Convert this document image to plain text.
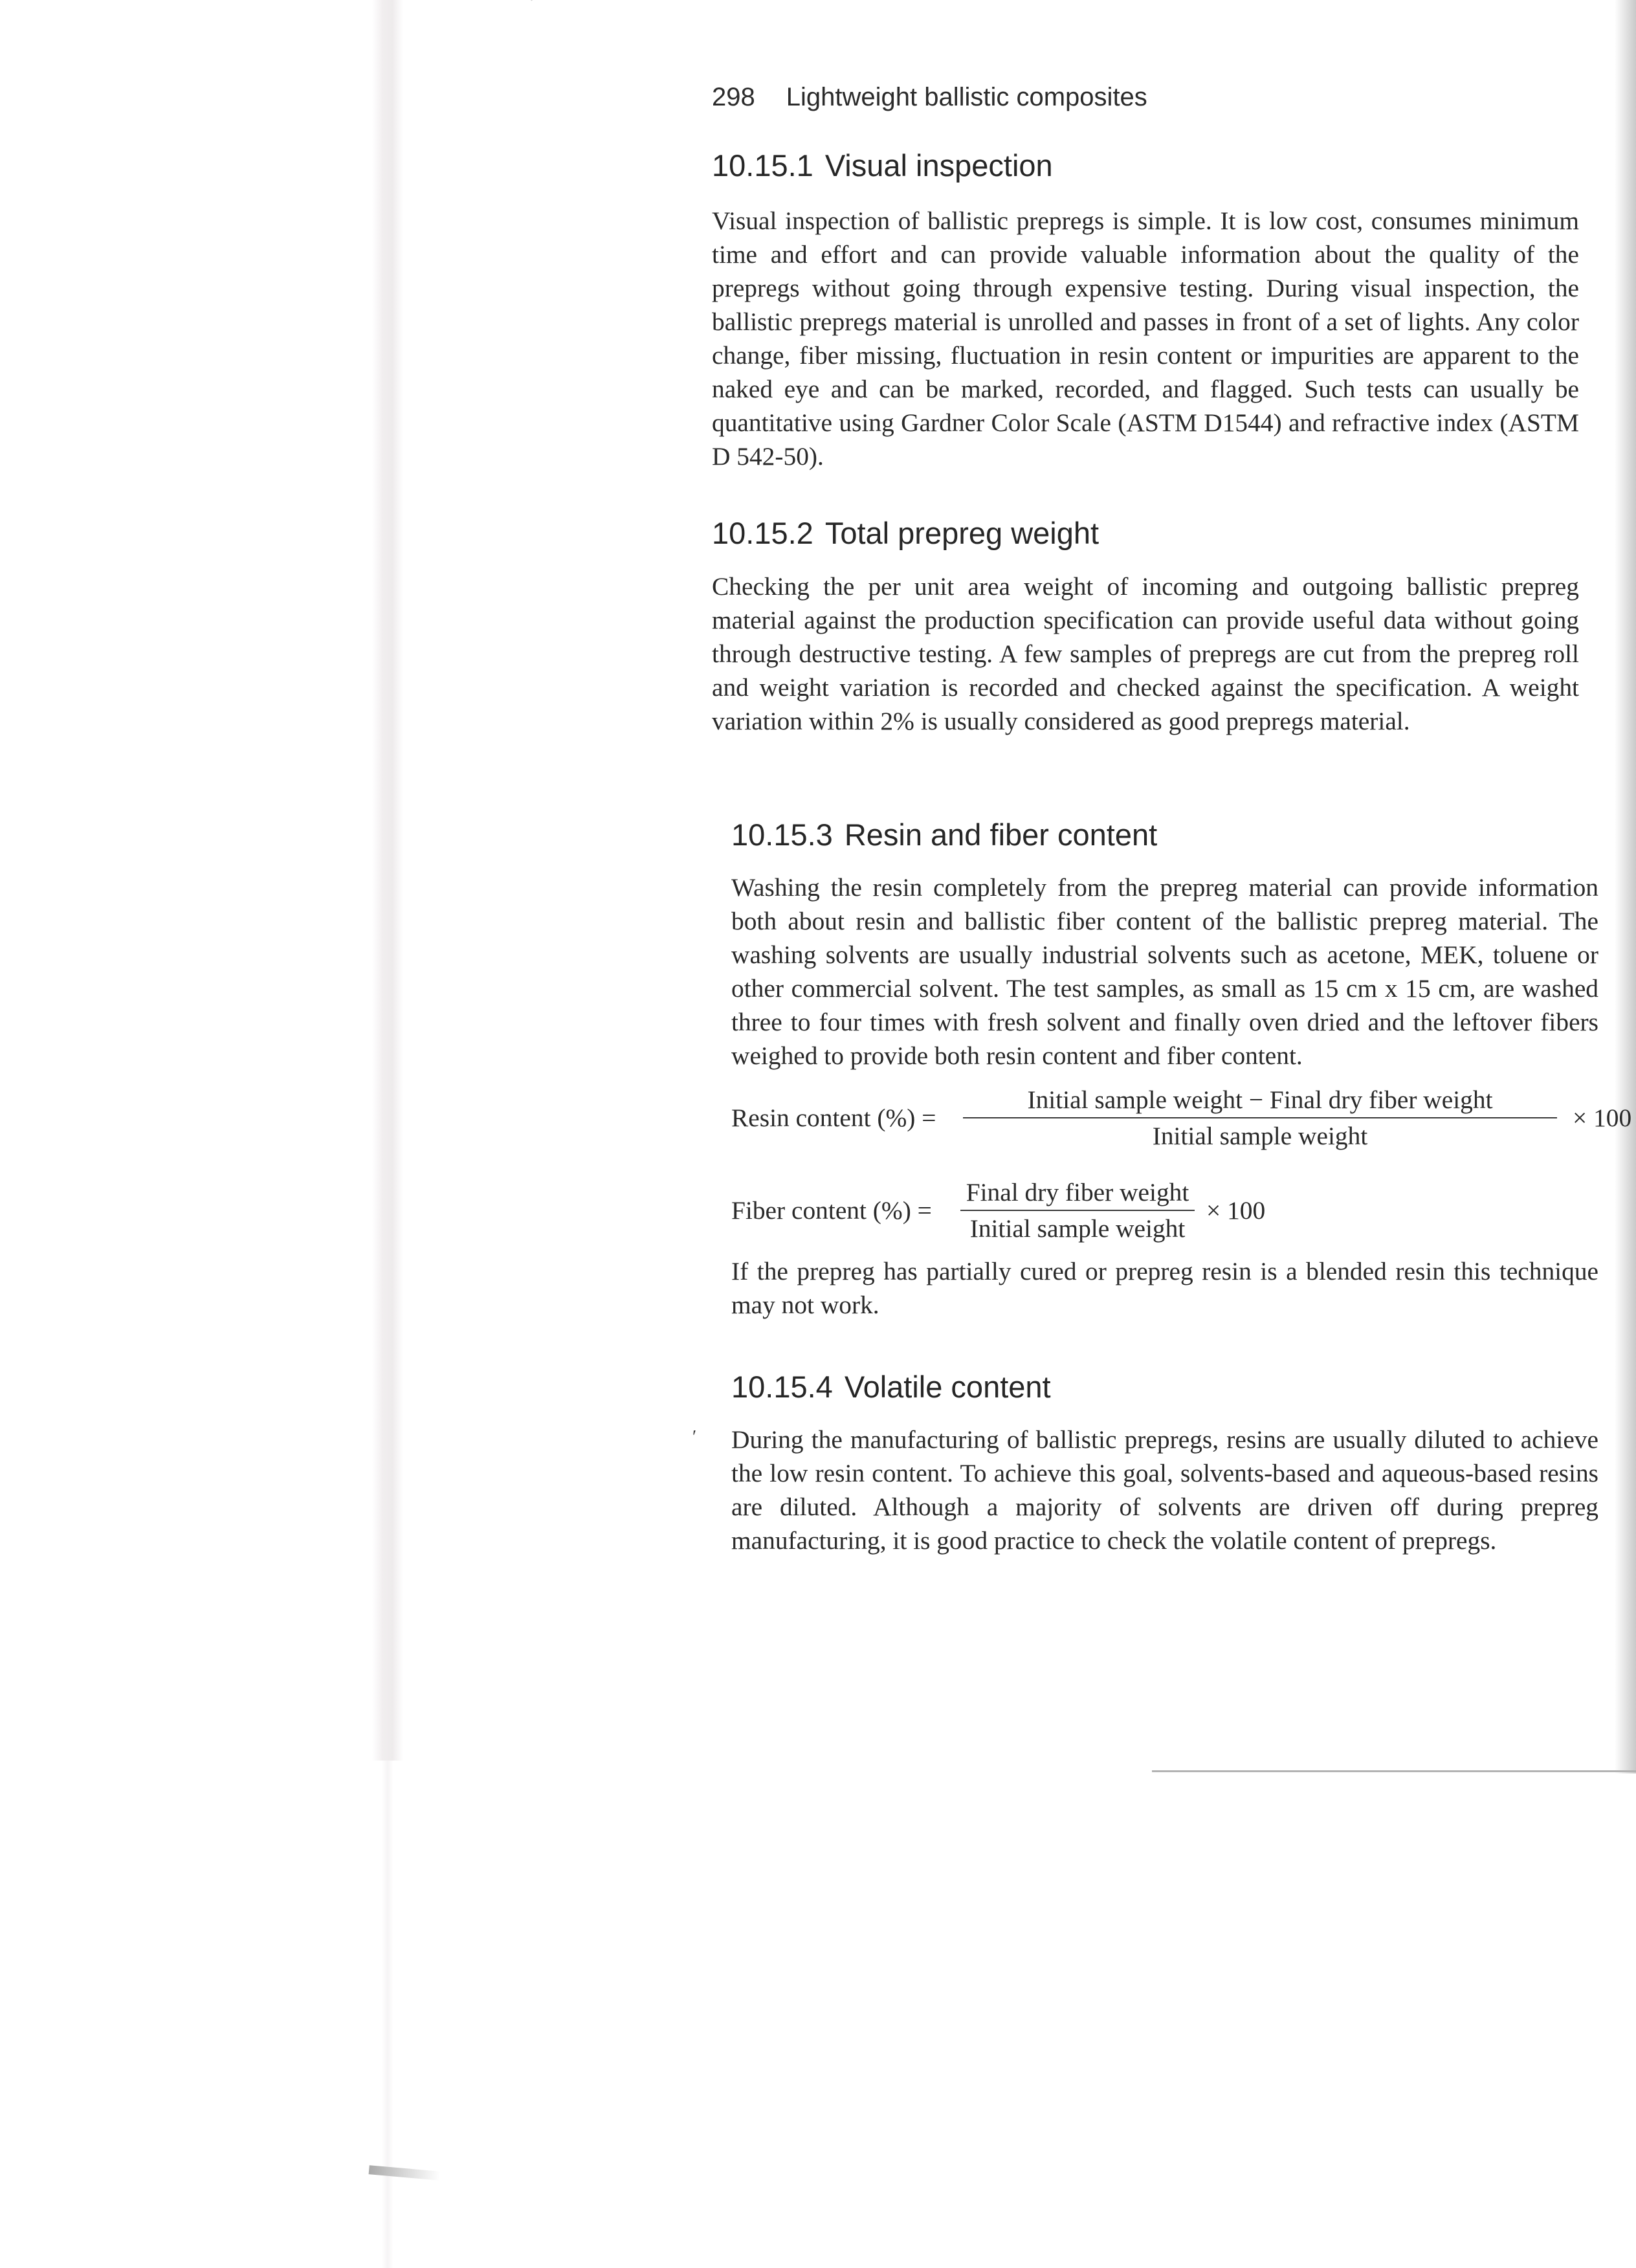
′
298 Lightweight ballistic composites
10.15.1 Visual inspection
Visual inspection of ballistic prepregs is simple. It is low cost, consumes minimum time and effort and can provide valuable information about the quality of the prepregs without going through expensive testing. During visual inspection, the ballistic prepregs material is unrolled and passes in front of a set of lights. Any color change, fiber missing, fluctuation in resin content or impurities are apparent to the naked eye and can be marked, recorded, and flagged. Such tests can usually be quantitative using Gardner Color Scale (ASTM D1544) and refractive index (ASTM D 542-50).
10.15.2 Total prepreg weight
Checking the per unit area weight of incoming and outgoing ballistic prepreg material against the production specification can provide useful data without going through destructive testing. A few samples of prepregs are cut from the prepreg roll and weight variation is recorded and checked against the specification. A weight variation within 2% is usually considered as good prepregs material.
10.15.3 Resin and fiber content
Washing the resin completely from the prepreg material can provide information both about resin and ballistic fiber content of the ballistic prepreg material. The washing solvents are usually industrial solvents such as acetone, MEK, toluene or other commercial solvent. The test samples, as small as 15 cm x 15 cm, are washed three to four times with fresh solvent and finally oven dried and the leftover fibers weighed to provide both resin content and fiber content.
Resin content (%) =
Initial sample weight − Final dry fiber weight
Initial sample weight
× 100
Fiber content (%) =
Final dry fiber weight
Initial sample weight
× 100
If the prepreg has partially cured or prepreg resin is a blended resin this technique may not work.
10.15.4 Volatile content
During the manufacturing of ballistic prepregs, resins are usually diluted to achieve the low resin content. To achieve this goal, solvents-based and aqueous-based resins are diluted. Although a majority of solvents are driven off during prepreg manufacturing, it is good practice to check the volatile content of prepregs.
